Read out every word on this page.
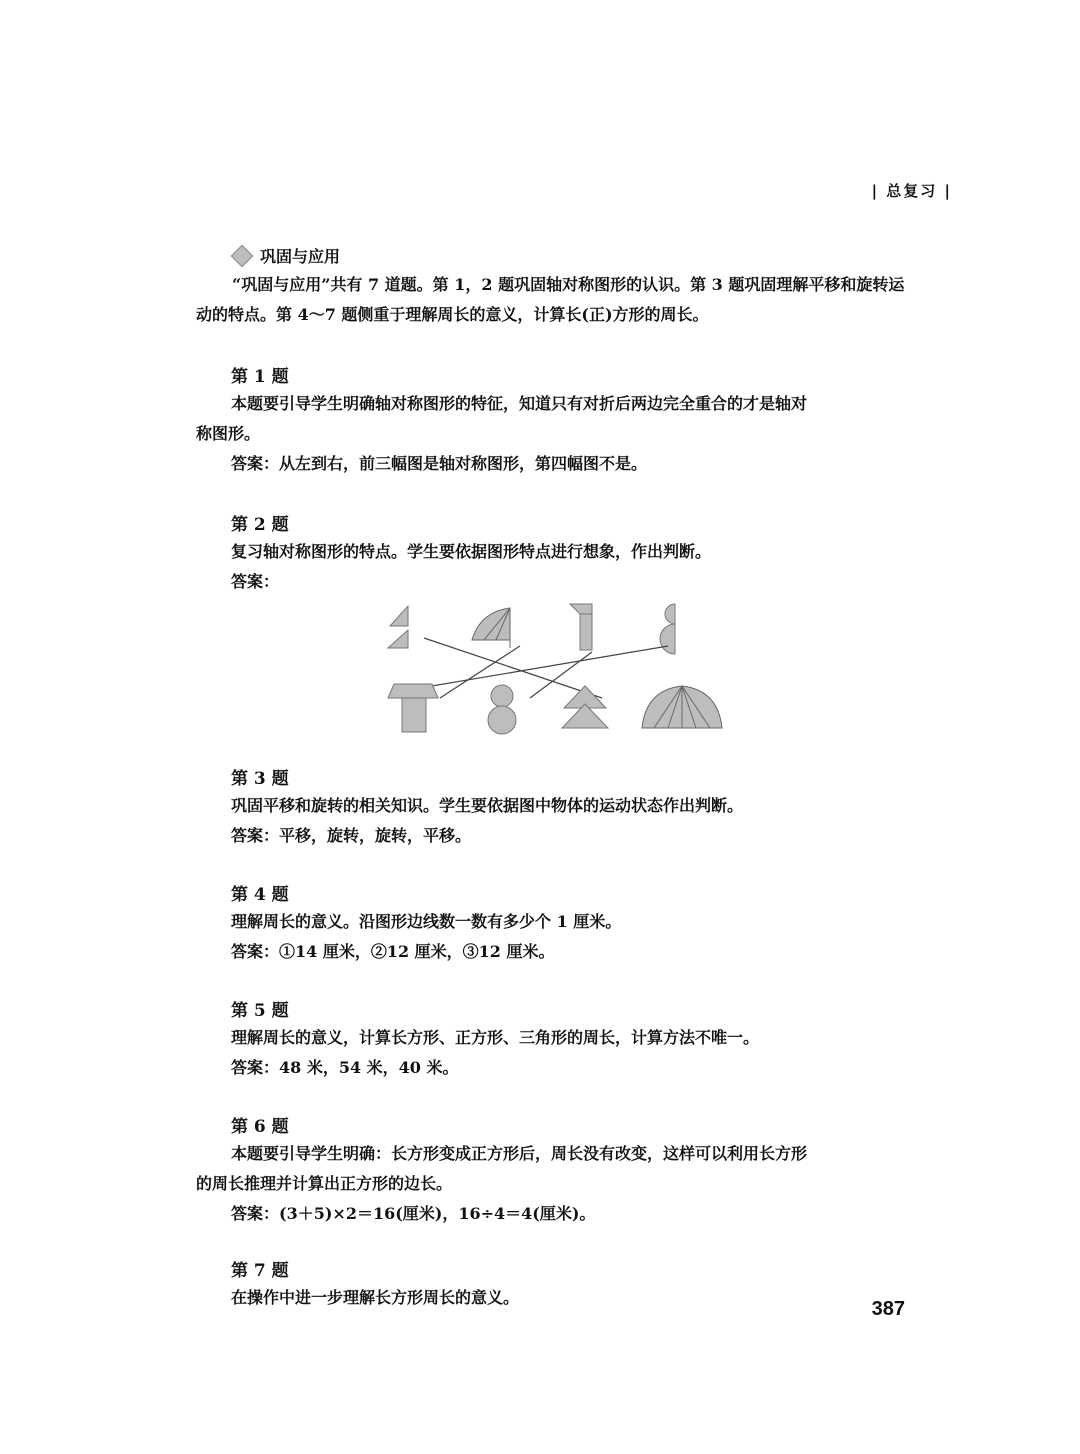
| 总复习 |
巩固与应用
“巩固与应用”共有 7 道题。第 1，2 题巩固轴对称图形的认识。第 3 题巩固理解平移和旋转运动的特点。第 4～7 题侧重于理解周长的意义，计算长(正)方形的周长。
第 1 题
本题要引导学生明确轴对称图形的特征，知道只有对折后两边完全重合的才是轴对
称图形。
答案：从左到右，前三幅图是轴对称图形，第四幅图不是。
第 2 题
复习轴对称图形的特点。学生要依据图形特点进行想象，作出判断。
答案：
第 3 题
巩固平移和旋转的相关知识。学生要依据图中物体的运动状态作出判断。
答案：平移，旋转，旋转，平移。
第 4 题
理解周长的意义。沿图形边线数一数有多少个 1 厘米。
答案：①14 厘米，②12 厘米，③12 厘米。
第 5 题
理解周长的意义，计算长方形、正方形、三角形的周长，计算方法不唯一。
答案：48 米，54 米，40 米。
第 6 题
本题要引导学生明确：长方形变成正方形后，周长没有改变，这样可以利用长方形
的周长推理并计算出正方形的边长。
答案：(3＋5)×2＝16(厘米)，16÷4＝4(厘米)。
第 7 题
在操作中进一步理解长方形周长的意义。
387
